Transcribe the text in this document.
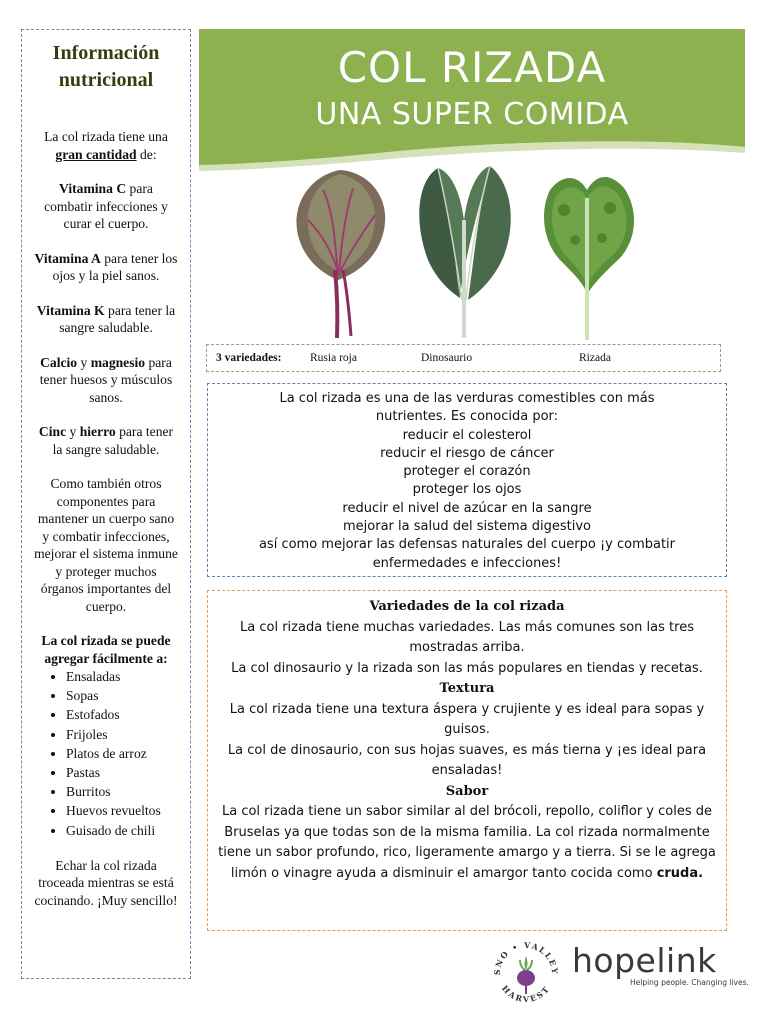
Información
nutricional
La col rizada tiene una
gran cantidad de:
Vitamina C para combatir infecciones y curar el cuerpo.
Vitamina A para tener los ojos y la piel sanos.
Vitamina K para tener la sangre saludable.
Calcio y magnesio para tener huesos y músculos sanos.
Cinc y hierro para tener la sangre saludable.
Como también otros componentes para mantener un cuerpo sano y combatir infecciones, mejorar el sistema inmune y proteger muchos órganos importantes del cuerpo.
La col rizada se puede agregar fácilmente a:
• Ensaladas
• Sopas
• Estofados
• Frijoles
• Platos de arroz
• Pastas
• Burritos
• Huevos revueltos
• Guisado de chili
Echar la col rizada troceada mientras se está cocinando. ¡Muy sencillo!
COL RIZADA
UNA SUPER COMIDA
3 variedades: Rusia roja	Dinosaurio	Rizada
La col rizada es una de las verduras comestibles con más
nutrientes. Es conocida por:
reducir el colesterol
reducir el riesgo de cáncer
proteger el corazón
proteger los ojos
reducir el nivel de azúcar en la sangre
mejorar la salud del sistema digestivo
así como mejorar las defensas naturales del cuerpo ¡y combatir
enfermedades e infecciones!
Variedades de la col rizada

La col rizada tiene muchas variedades. Las más comunes son las tres mostradas arriba.

La col dinosaurio y la rizada son las más populares en tiendas y recetas.

Textura

La col rizada tiene una textura áspera y crujiente y es ideal para sopas y guisos.

La col de dinosaurio, con sus hojas suaves, es más tierna y ¡es ideal para ensaladas!

Sabor

La col rizada tiene un sabor similar al del brócoli, repollo, coliflor y coles de Bruselas ya que todas son de la misma familia. La col rizada normalmente tiene un sabor profundo, rico, ligeramente amargo y a tierra. Si se le agrega limón o vinagre ayuda a disminuir el amargor tanto cocida como cruda.

SNO • VALLEY
HARVEST
hopelink
Helping people. Changing lives.
